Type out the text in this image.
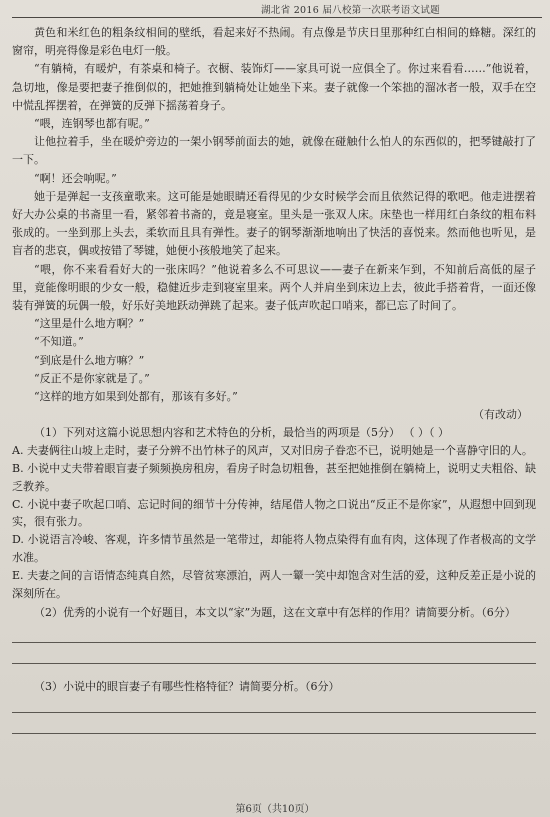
湖北省 2016 届八校第一次联考语文试题

黄色和米红色的粗条纹相间的壁纸，看起来好不热闹。有点像是节庆日里那种红白相间的蜂糖。深红的窗帘，明亮得像是彩色电灯一般。

“有躺椅，有暖炉，有茶桌和椅子。衣橱、装饰灯——家具可说一应俱全了。你过来看看……”他说着，急切地，像是要把妻子推倒似的，把她推到躺椅处让她坐下来。妻子就像一个笨拙的溜冰者一般，双手在空中慌乱挥摆着，在弹簧的反弹下摇荡着身子。

“喂，连钢琴也都有呢。”

让他拉着手，坐在暖炉旁边的一架小钢琴前面去的她，就像在碰触什么怕人的东西似的，把琴键敲打了一下。

“啊！还会响呢。”

她于是弹起一支孩童歌来。这可能是她眼睛还看得见的少女时候学会而且依然记得的歌吧。他走进摆着好大办公桌的书斋里一看，紧邻着书斋的，竟是寝室。里头是一张双人床。床垫也一样用红白条纹的粗布料张成的。一坐到那上头去，柔软而且具有弹性。妻子的钢琴渐渐地响出了快活的喜悦来。然而他也听见，是盲者的悲哀，偶或按错了琴键，她便小孩般地笑了起来。

“喂，你不来看看好大的一张床吗？”他说着多么不可思议——妻子在新来乍到，不知前后高低的屋子里，竟能像明眼的少女一般，稳健近步走到寝室里来。两个人并肩坐到床边上去，彼此手搭着背，一面还像装有弹簧的玩偶一般，好乐好美地跃动弹跳了起来。妻子低声吹起口哨来，都已忘了时间了。

“这里是什么地方啊？”

“不知道。”

“到底是什么地方嘛？”

“反正不是你家就是了。”

“这样的地方如果到处都有，那该有多好。”

（有改动）

（1）下列对这篇小说思想内容和艺术特色的分析，最恰当的两项是（5分） （ ）（ ）

A. 夫妻俩往山坡上走时，妻子分辨不出竹林子的风声，又对旧房子眷恋不已，说明她是一个喜静守旧的人。
B. 小说中丈夫带着眼盲妻子频频换房租房，看房子时急切粗鲁，甚至把她推倒在躺椅上，说明丈夫粗俗、缺乏教养。
C. 小说中妻子吹起口哨、忘记时间的细节十分传神，结尾借人物之口说出“反正不是你家”，从遐想中回到现实，很有张力。
D. 小说语言冷峻、客观，许多情节虽然是一笔带过，却能将人物点染得有血有肉，这体现了作者极高的文学水准。
E. 夫妻之间的言语情态纯真自然，尽管贫寒漂泊，两人一颦一笑中却饱含对生活的爱，这种反差正是小说的深刻所在。

（2）优秀的小说有一个好题目，本文以“家”为题，这在文章中有怎样的作用？请简要分析。（6分）

（3）小说中的眼盲妻子有哪些性格特征？请简要分析。（6分）

第6页（共10页）
